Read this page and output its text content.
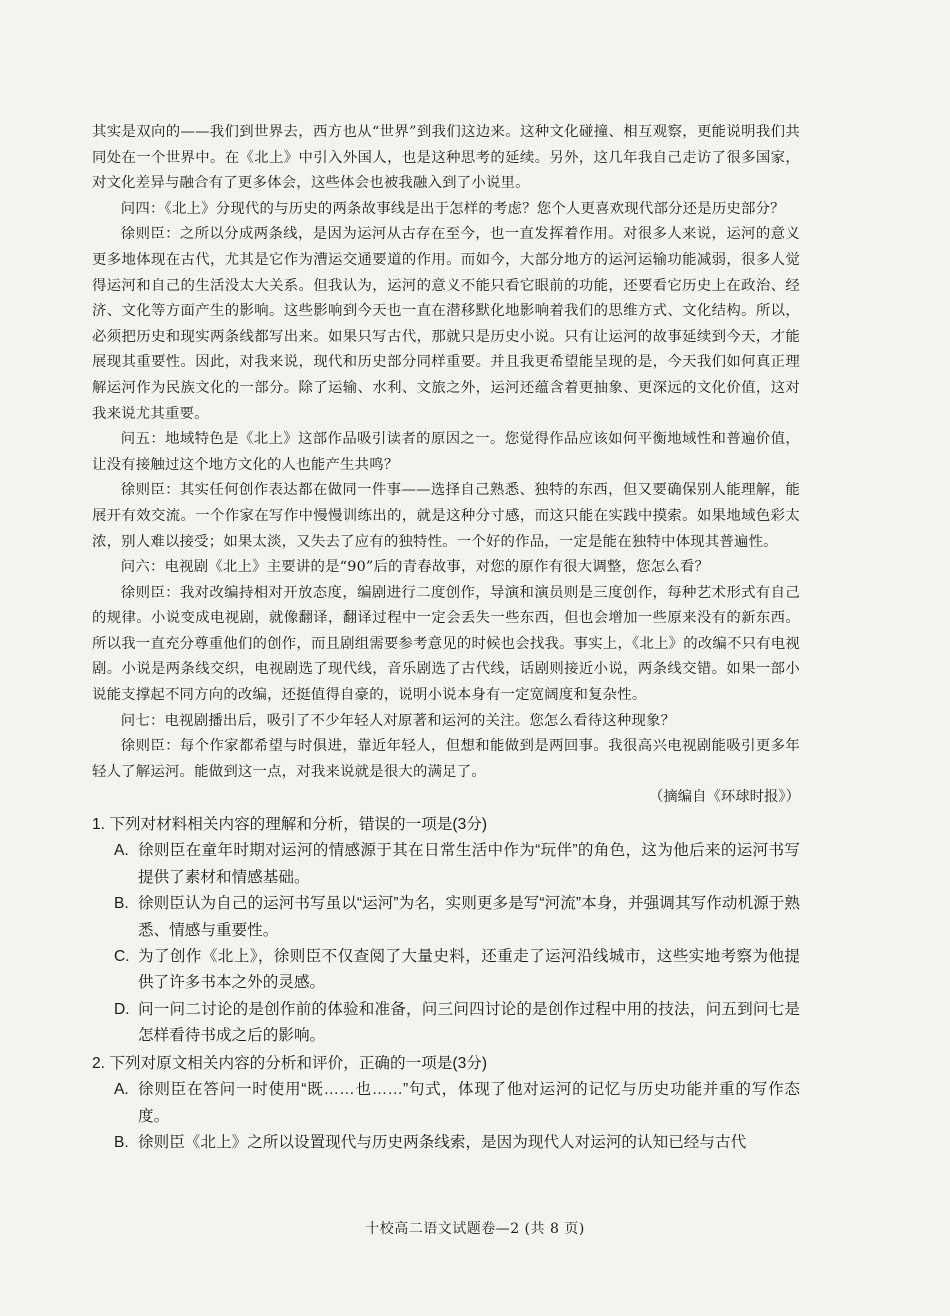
其实是双向的——我们到世界去，西方也从“世界”到我们这边来。这种文化碰撞、相互观察，更能说明我们共同处在一个世界中。在《北上》中引入外国人，也是这种思考的延续。另外，这几年我自己走访了很多国家，对文化差异与融合有了更多体会，这些体会也被我融入到了小说里。

问四：《北上》分现代的与历史的两条故事线是出于怎样的考虑？您个人更喜欢现代部分还是历史部分？

徐则臣：之所以分成两条线，是因为运河从古存在至今，也一直发挥着作用。对很多人来说，运河的意义更多地体现在古代，尤其是它作为漕运交通要道的作用。而如今，大部分地方的运河运输功能减弱，很多人觉得运河和自己的生活没太大关系。但我认为，运河的意义不能只看它眼前的功能，还要看它历史上在政治、经济、文化等方面产生的影响。这些影响到今天也一直在潜移默化地影响着我们的思维方式、文化结构。所以，必须把历史和现实两条线都写出来。如果只写古代，那就只是历史小说。只有让运河的故事延续到今天，才能展现其重要性。因此，对我来说，现代和历史部分同样重要。并且我更希望能呈现的是，今天我们如何真正理解运河作为民族文化的一部分。除了运输、水利、文旅之外，运河还蕴含着更抽象、更深远的文化价值，这对我来说尤其重要。

问五：地域特色是《北上》这部作品吸引读者的原因之一。您觉得作品应该如何平衡地域性和普遍价值，让没有接触过这个地方文化的人也能产生共鸣？

徐则臣：其实任何创作表达都在做同一件事——选择自己熟悉、独特的东西，但又要确保别人能理解，能展开有效交流。一个作家在写作中慢慢训练出的，就是这种分寸感，而这只能在实践中摸索。如果地域色彩太浓，别人难以接受；如果太淡，又失去了应有的独特性。一个好的作品，一定是能在独特中体现其普遍性。

问六：电视剧《北上》主要讲的是“90”后的青春故事，对您的原作有很大调整，您怎么看？

徐则臣：我对改编持相对开放态度，编剧进行二度创作，导演和演员则是三度创作，每种艺术形式有自己的规律。小说变成电视剧，就像翻译，翻译过程中一定会丢失一些东西，但也会增加一些原来没有的新东西。所以我一直充分尊重他们的创作，而且剧组需要参考意见的时候也会找我。事实上，《北上》的改编不只有电视剧。小说是两条线交织，电视剧选了现代线，音乐剧选了古代线，话剧则接近小说，两条线交错。如果一部小说能支撑起不同方向的改编，还挺值得自豪的，说明小说本身有一定宽阔度和复杂性。

问七：电视剧播出后，吸引了不少年轻人对原著和运河的关注。您怎么看待这种现象？

徐则臣：每个作家都希望与时俱进，靠近年轻人，但想和能做到是两回事。我很高兴电视剧能吸引更多年轻人了解运河。能做到这一点，对我来说就是很大的满足了。

（摘编自《环球时报》）

1. 下列对材料相关内容的理解和分析，错误的一项是(3分)

A. 徐则臣在童年时期对运河的情感源于其在日常生活中作为“玩伴”的角色，这为他后来的运河书写提供了素材和情感基础。
B. 徐则臣认为自己的运河书写虽以“运河”为名，实则更多是写“河流”本身，并强调其写作动机源于熟悉、情感与重要性。
C. 为了创作《北上》，徐则臣不仅查阅了大量史料，还重走了运河沿线城市，这些实地考察为他提供了许多书本之外的灵感。
D. 问一问二讨论的是创作前的体验和准备，问三问四讨论的是创作过程中用的技法，问五到问七是怎样看待书成之后的影响。

2. 下列对原文相关内容的分析和评价，正确的一项是(3分)

A. 徐则臣在答问一时使用“既……也……”句式，体现了他对运河的记忆与历史功能并重的写作态度。
B. 徐则臣《北上》之所以设置现代与历史两条线索，是因为现代人对运河的认知已经与古代
十校高二语文试题卷—2 (共 8 页)
